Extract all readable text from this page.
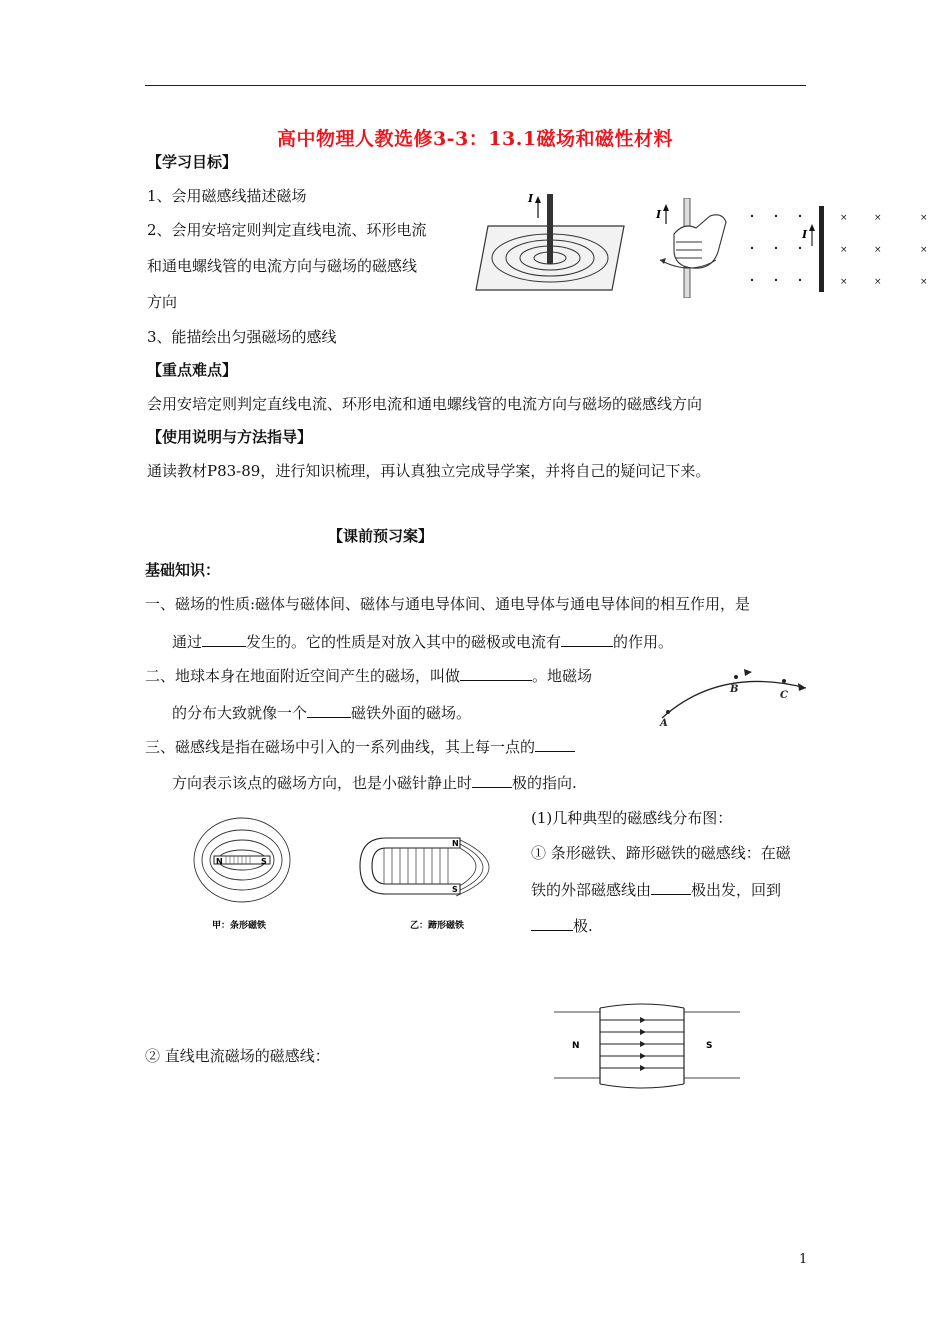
高中物理人教选修3-3：13.1磁场和磁性材料
【学习目标】
1、会用磁感线描述磁场
2、会用安培定则判定直线电流、环形电流
和通电螺线管的电流方向与磁场的磁感线
方向
3、能描绘出匀强磁场的感线
I
I	×	×	×
×	×	×
×	×	×
I
【重点难点】
会用安培定则判定直线电流、环形电流和通电螺线管的电流方向与磁场的磁感线方向
【使用说明与方法指导】
通读教材P83-89，进行知识梳理，再认真独立完成导学案，并将自己的疑问记下来。
【课前预习案】
基础知识：
一、磁场的性质:磁体与磁体间、磁体与通电导体间、通电导体与通电导体间的相互作用，是
通过	发生的。它的性质是对放入其中的磁极或电流有	的作用。
二、地球本身在地面附近空间产生的磁场，叫做	。地磁场
的分布大致就像一个	磁铁外面的磁场。
A
B
C
三、磁感线是指在磁场中引入的一系列曲线，其上每一点的
方向表示该点的磁场方向，也是小磁针静止时	极的指向.
(1)几种典型的磁感线分布图：
① 条形磁铁、蹄形磁铁的磁感线：在磁
铁的外部磁感线由	极出发，回到
极.
N	S
甲：条形磁铁
N
S
乙：蹄形磁铁
② 直线电流磁场的磁感线：
N	S
1
